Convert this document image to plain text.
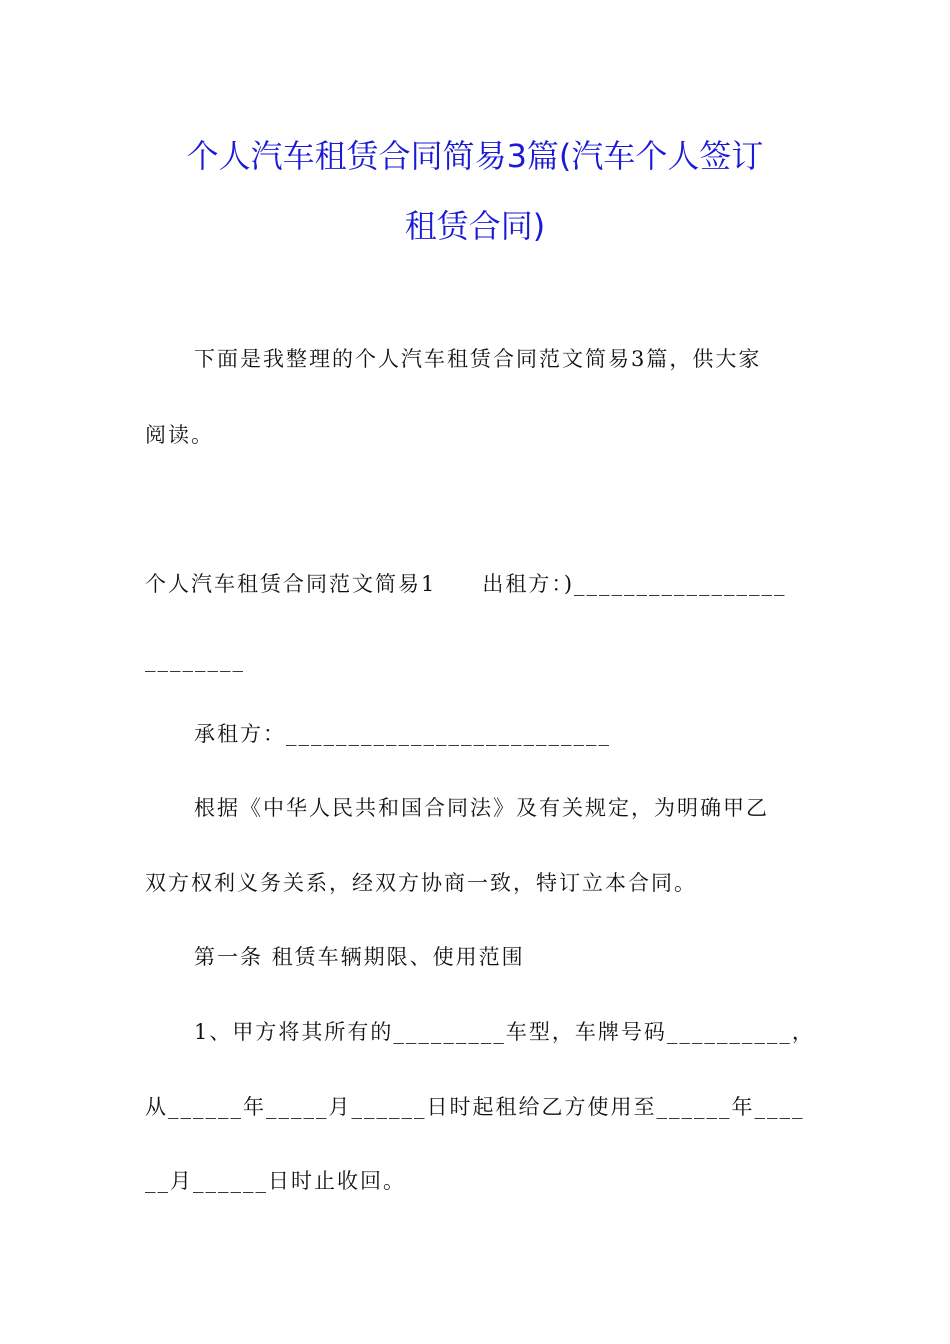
个人汽车租赁合同简易3篇(汽车个人签订
租赁合同)
下面是我整理的个人汽车租赁合同范文简易3篇，供大家
阅读。
个人汽车租赁合同范文简易1　　出租方：)_________________
________
承租方：__________________________
根据《中华人民共和国合同法》及有关规定，为明确甲乙
双方权利义务关系，经双方协商一致，特订立本合同。
第一条 租赁车辆期限、使用范围
1、甲方将其所有的_________车型，车牌号码__________，
从______年_____月______日时起租给乙方使用至______年____
__月______日时止收回。
